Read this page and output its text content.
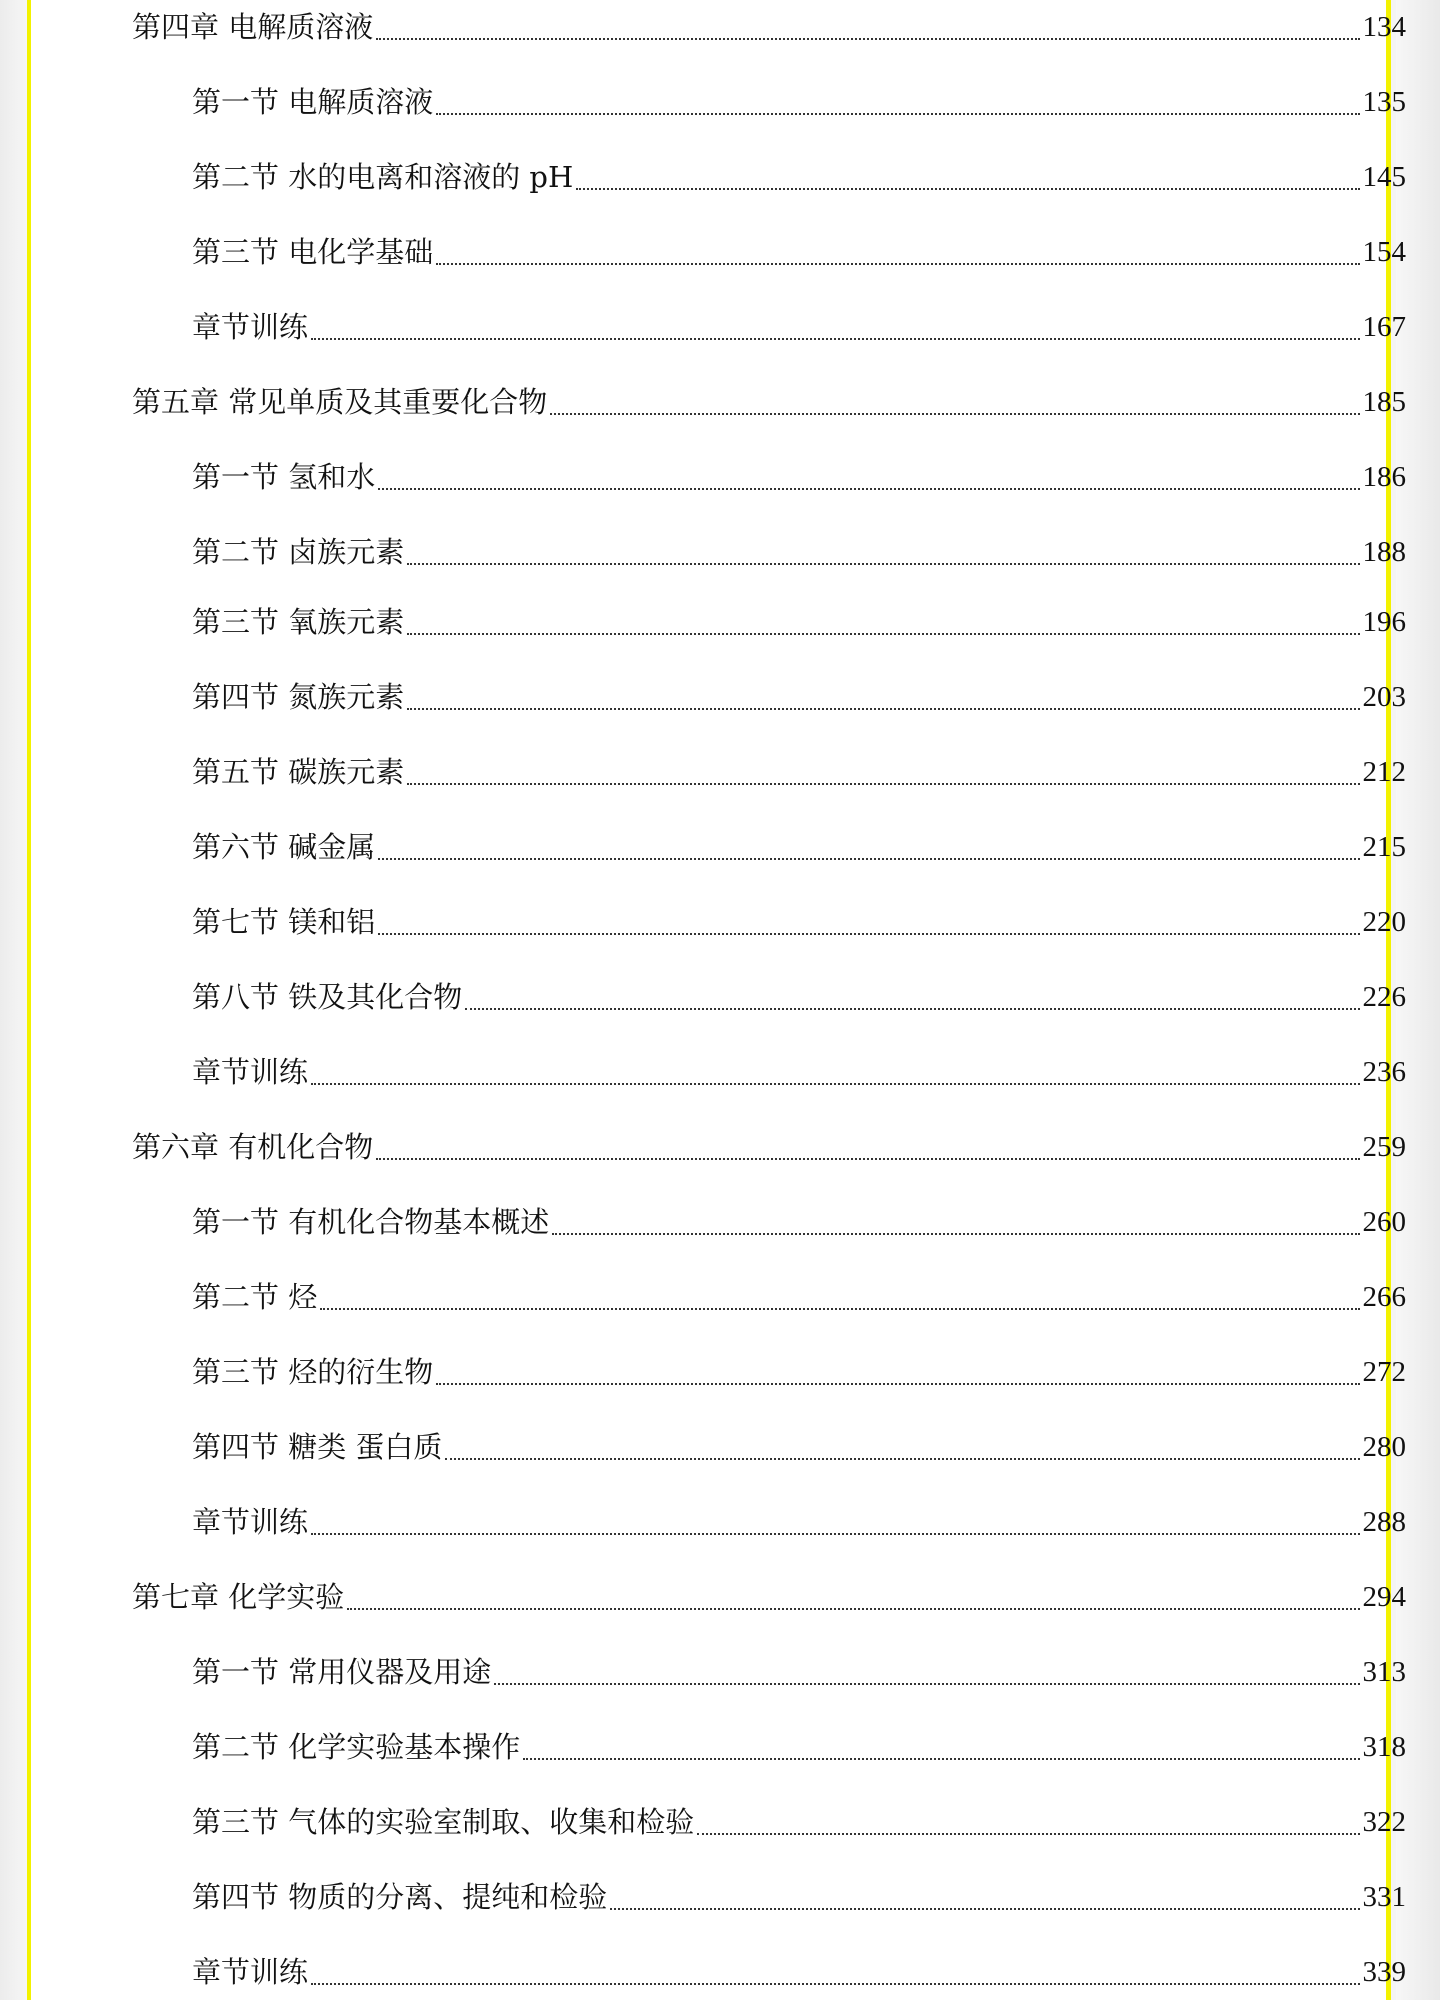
第四章 电解质溶液	134
第一节 电解质溶液	135
第二节 水的电离和溶液的 pH	145
第三节 电化学基础	154
章节训练	167
第五章 常见单质及其重要化合物	185
第一节 氢和水	186
第二节 卤族元素	188
第三节 氧族元素	196
第四节 氮族元素	203
第五节 碳族元素	212
第六节 碱金属	215
第七节 镁和铝	220
第八节 铁及其化合物	226
章节训练	236
第六章 有机化合物	259
第一节 有机化合物基本概述	260
第二节 烃	266
第三节 烃的衍生物	272
第四节 糖类 蛋白质	280
章节训练	288
第七章 化学实验	294
第一节 常用仪器及用途	313
第二节 化学实验基本操作	318
第三节 气体的实验室制取、收集和检验	322
第四节 物质的分离、提纯和检验	331
章节训练	339
